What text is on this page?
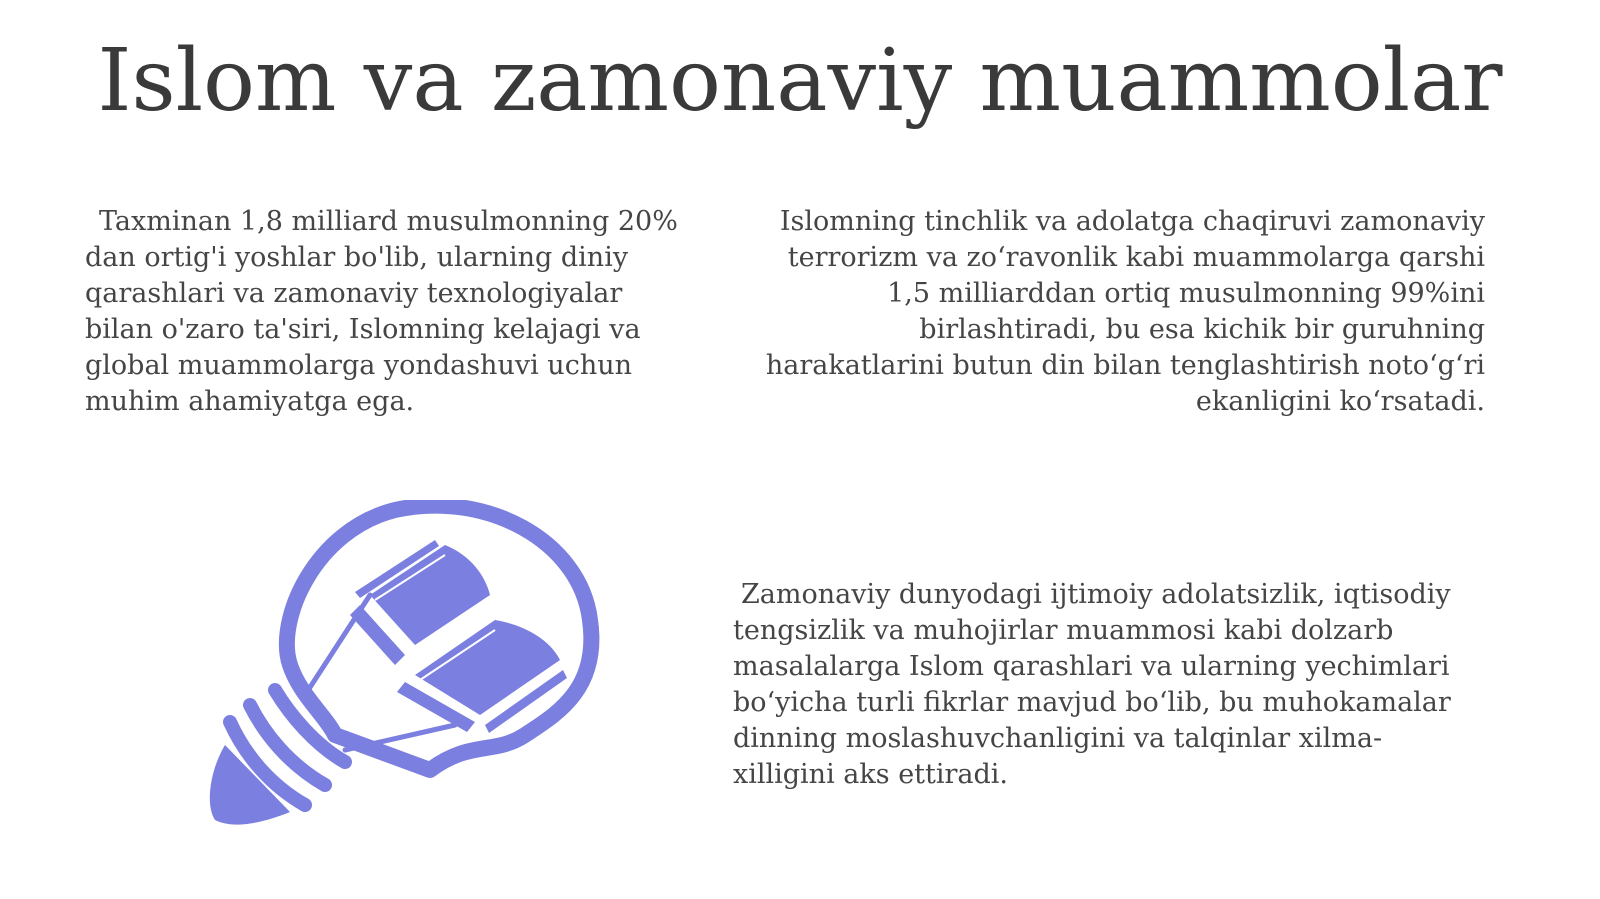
Islom va zamonaviy muammolar
Taxminan 1,8 milliard musulmonning 20% dan ortig'i yoshlar bo'lib, ularning diniy qarashlari va zamonaviy texnologiyalar bilan o'zaro ta'siri, Islomning kelajagi va global muammolarga yondashuvi uchun muhim ahamiyatga ega.
Islomning tinchlik va adolatga chaqiruvi zamonaviy terrorizm va zo‘ravonlik kabi muammolarga qarshi 1,5 milliarddan ortiq musulmonning 99%ini birlashtiradi, bu esa kichik bir guruhning harakatlarini butun din bilan tenglashtirish noto‘g‘ri ekanligini ko‘rsatadi.
Zamonaviy dunyodagi ijtimoiy adolatsizlik, iqtisodiy tengsizlik va muhojirlar muammosi kabi dolzarb masalalarga Islom qarashlari va ularning yechimlari bo‘yicha turli fikrlar mavjud bo‘lib, bu muhokamalar dinning moslashuvchanligini va talqinlar xilma-xilligini aks ettiradi.
